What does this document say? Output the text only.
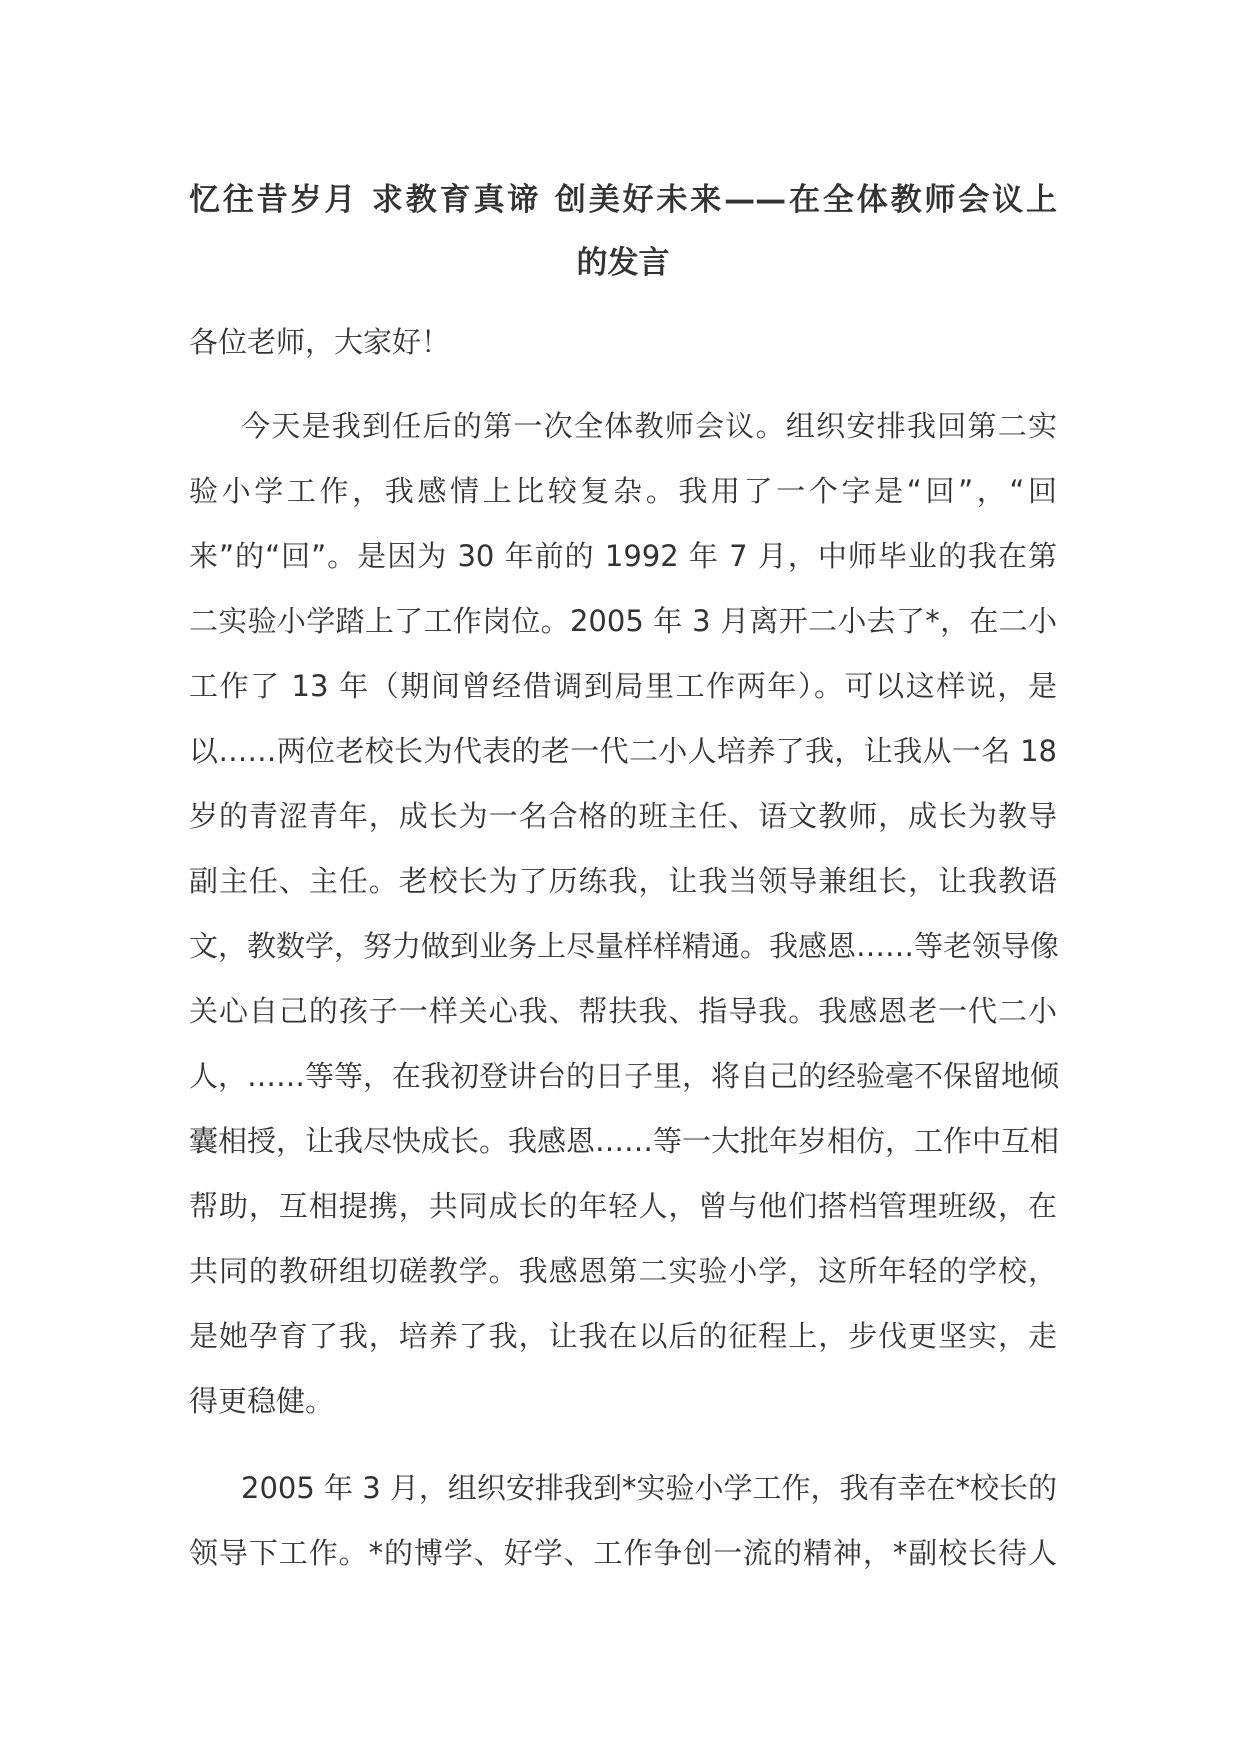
忆往昔岁月 求教育真谛 创美好未来——在全体教师会议上
的发言
各位老师，大家好！
今天是我到任后的第一次全体教师会议。组织安排我回第二实
验小学工作，我感情上比较复杂。我用了一个字是“回”，“回
来”的“回”。是因为 30 年前的 1992 年 7 月，中师毕业的我在第
二实验小学踏上了工作岗位。2005 年 3 月离开二小去了*，在二小
工作了 13 年（期间曾经借调到局里工作两年）。可以这样说，是
以……两位老校长为代表的老一代二小人培养了我，让我从一名 18
岁的青涩青年，成长为一名合格的班主任、语文教师，成长为教导
副主任、主任。老校长为了历练我，让我当领导兼组长，让我教语
文，教数学，努力做到业务上尽量样样精通。我感恩……等老领导像
关心自己的孩子一样关心我、帮扶我、指导我。我感恩老一代二小
人，……等等，在我初登讲台的日子里，将自己的经验毫不保留地倾
囊相授，让我尽快成长。我感恩……等一大批年岁相仿，工作中互相
帮助，互相提携，共同成长的年轻人，曾与他们搭档管理班级，在
共同的教研组切磋教学。我感恩第二实验小学，这所年轻的学校，
是她孕育了我，培养了我，让我在以后的征程上，步伐更坚实，走
得更稳健。
2005 年 3 月，组织安排我到*实验小学工作，我有幸在*校长的
领导下工作。*的博学、好学、工作争创一流的精神，*副校长待人
